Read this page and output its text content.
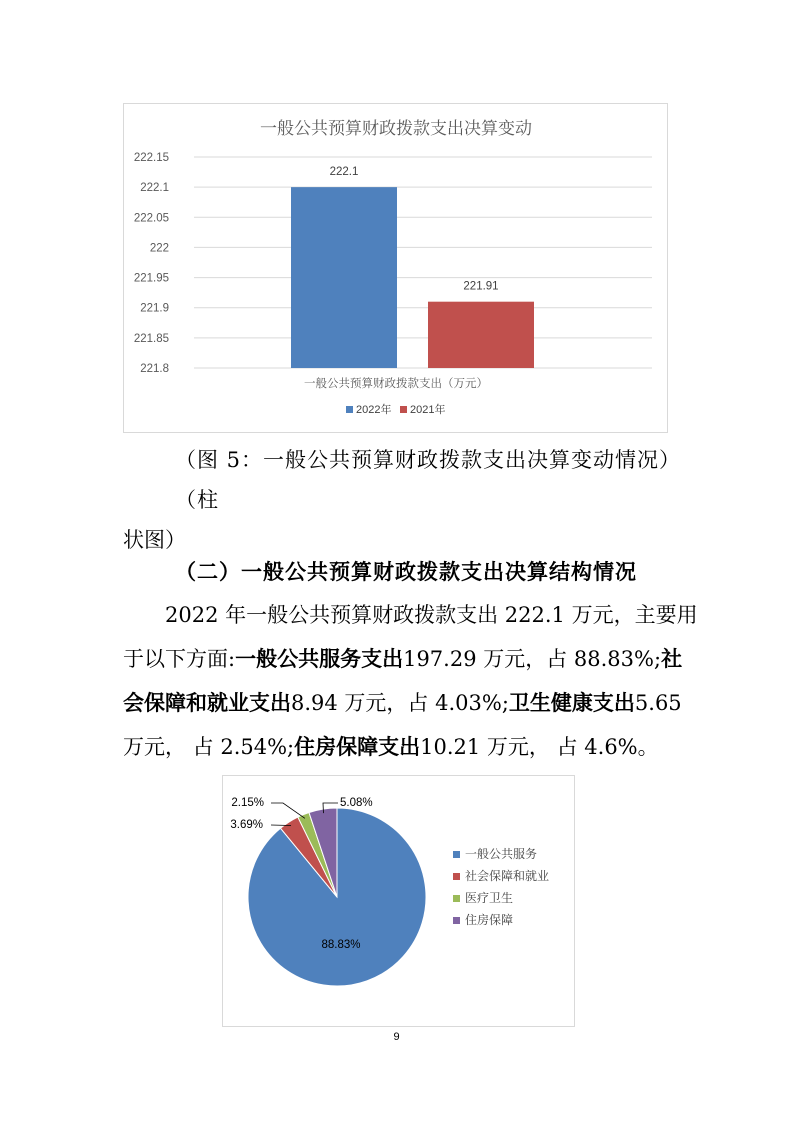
一般公共预算财政拨款支出决算变动
221.8
221.85
221.9
221.95
222
222.05
222.1
222.15
222.1
221.91
一般公共预算财政拨款支出（万元）
2022年 2021年
（图 5：一般公共预算财政拨款支出决算变动情况）（柱
状图）
（二）一般公共预算财政拨款支出决算结构情况
2022 年一般公共预算财政拨款支出 222.1 万元，主要用
于以下方面:一般公共服务支出197.29 万元，占 88.83%;社
会保障和就业支出8.94 万元，占 4.03%;卫生健康支出5.65
万元， 占 2.54%;住房保障支出10.21 万元， 占 4.6%。
88.83%
3.69%
2.15%	5.08%
一般公共服务
社会保障和就业
医疗卫生
住房保障
9
